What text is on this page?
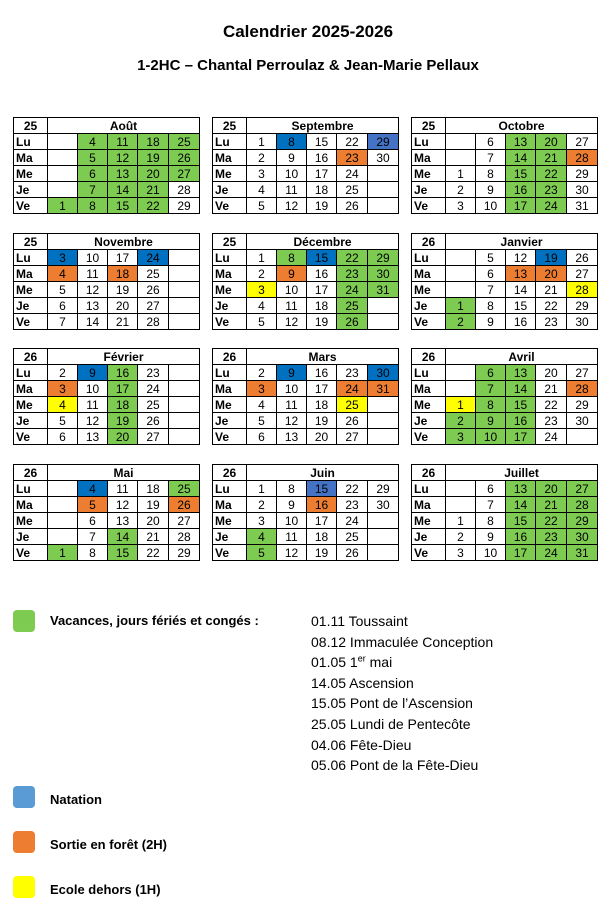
Calendrier 2025-2026
1-2HC – Chantal Perroulaz & Jean-Marie Pellaux
25	Août				
Lu		4	11	18	25
Ma		5	12	19	26
Me		6	13	20	27
Je		7	14	21	28
Ve	1	8	15	22	29
25	Septembre				
Lu	1	8	15	22	29
Ma	2	9	16	23	30
Me	3	10	17	24	
Je	4	11	18	25	
Ve	5	12	19	26	
25	Octobre				
Lu		6	13	20	27
Ma		7	14	21	28
Me	1	8	15	22	29
Je	2	9	16	23	30
Ve	3	10	17	24	31
25	Novembre				
Lu	3	10	17	24	
Ma	4	11	18	25	
Me	5	12	19	26	
Je	6	13	20	27	
Ve	7	14	21	28	
25	Décembre				
Lu	1	8	15	22	29
Ma	2	9	16	23	30
Me	3	10	17	24	31
Je	4	11	18	25	
Ve	5	12	19	26	
26	Janvier				
Lu		5	12	19	26
Ma		6	13	20	27
Me		7	14	21	28
Je	1	8	15	22	29
Ve	2	9	16	23	30
26	Février				
Lu	2	9	16	23	
Ma	3	10	17	24	
Me	4	11	18	25	
Je	5	12	19	26	
Ve	6	13	20	27	
26	Mars				
Lu	2	9	16	23	30
Ma	3	10	17	24	31
Me	4	11	18	25	
Je	5	12	19	26	
Ve	6	13	20	27	
26	Avril				
Lu		6	13	20	27
Ma		7	14	21	28
Me	1	8	15	22	29
Je	2	9	16	23	30
Ve	3	10	17	24	
26	Mai				
Lu		4	11	18	25
Ma		5	12	19	26
Me		6	13	20	27
Je		7	14	21	28
Ve	1	8	15	22	29
26	Juin				
Lu	1	8	15	22	29
Ma	2	9	16	23	30
Me	3	10	17	24	
Je	4	11	18	25	
Ve	5	12	19	26	
26	Juillet				
Lu		6	13	20	27
Ma		7	14	21	28
Me	1	8	15	22	29
Je	2	9	16	23	30
Ve	3	10	17	24	31
Vacances, jours fériés et congés :	01.11 Toussaint
08.12 Immaculée Conception
01.05 1er mai
14.05 Ascension
15.05 Pont de l’Ascension
25.05 Lundi de Pentecôte
04.06 Fête-Dieu
05.06 Pont de la Fête-Dieu
Natation
Sortie en forêt (2H)
Ecole dehors (1H)
